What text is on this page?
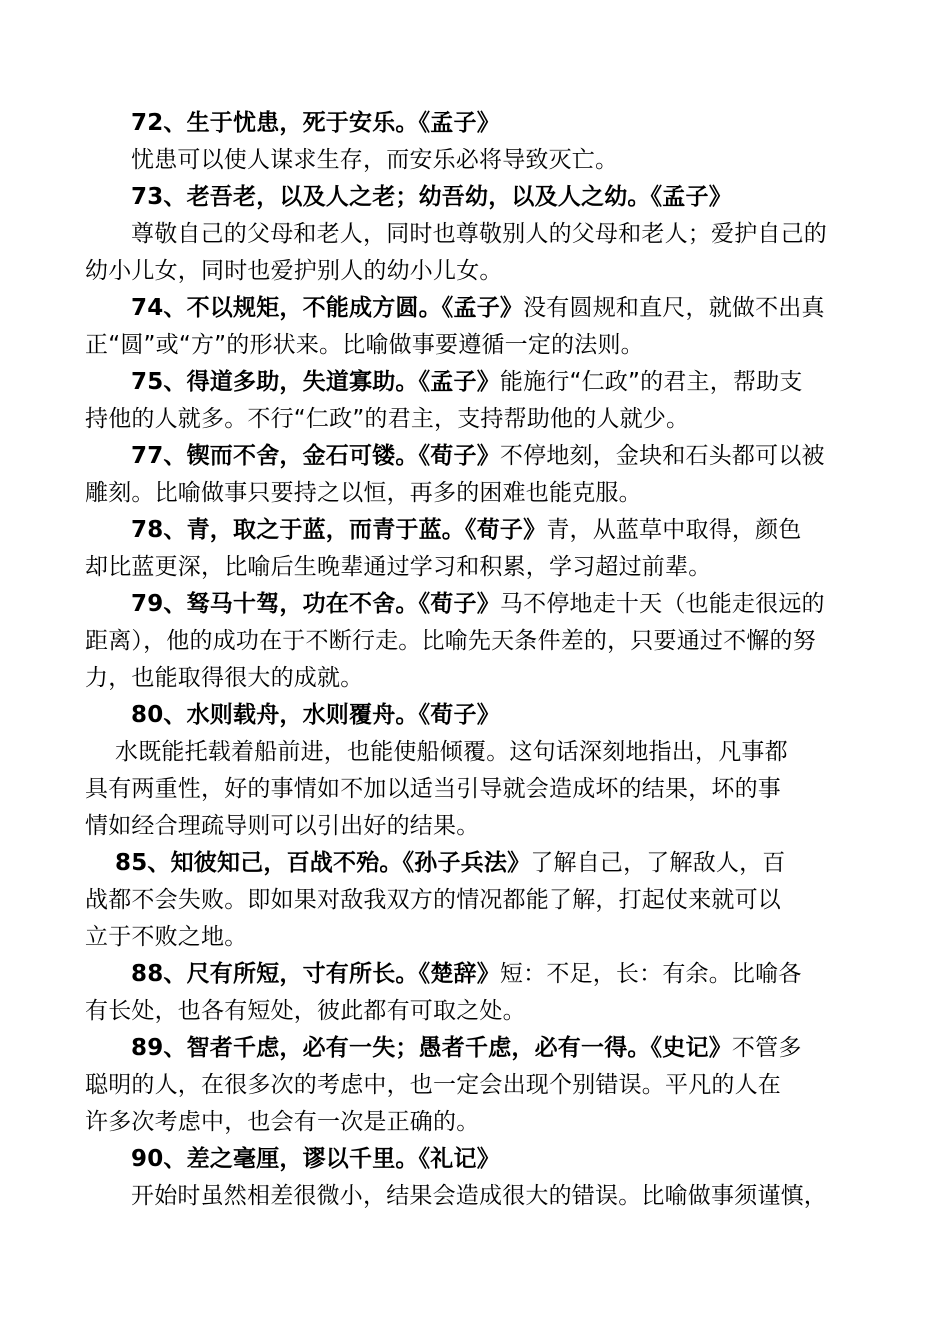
72、生于忧患，死于安乐。《孟子》
忧患可以使人谋求生存，而安乐必将导致灭亡。
73、老吾老，以及人之老；幼吾幼，以及人之幼。《孟子》
尊敬自己的父母和老人，同时也尊敬别人的父母和老人；爱护自己的
幼小儿女，同时也爱护别人的幼小儿女。
74、不以规矩，不能成方圆。《孟子》没有圆规和直尺，就做不出真
正“圆”或“方”的形状来。比喻做事要遵循一定的法则。
75、得道多助，失道寡助。《孟子》能施行“仁政”的君主，帮助支
持他的人就多。不行“仁政”的君主，支持帮助他的人就少。
77、锲而不舍，金石可镂。《荀子》不停地刻，金块和石头都可以被
雕刻。比喻做事只要持之以恒，再多的困难也能克服。
78、青，取之于蓝，而青于蓝。《荀子》青，从蓝草中取得，颜色
却比蓝更深，比喻后生晚辈通过学习和积累，学习超过前辈。
79、驽马十驾，功在不舍。《荀子》马不停地走十天（也能走很远的
距离），他的成功在于不断行走。比喻先天条件差的，只要通过不懈的努
力，也能取得很大的成就。
80、水则载舟，水则覆舟。《荀子》
水既能托载着船前进，也能使船倾覆。这句话深刻地指出，凡事都
具有两重性，好的事情如不加以适当引导就会造成坏的结果，坏的事
情如经合理疏导则可以引出好的结果。
85、知彼知己，百战不殆。《孙子兵法》了解自己，了解敌人，百
战都不会失败。即如果对敌我双方的情况都能了解，打起仗来就可以
立于不败之地。
88、尺有所短，寸有所长。《楚辞》短：不足，长：有余。比喻各
有长处，也各有短处，彼此都有可取之处。
89、智者千虑，必有一失；愚者千虑，必有一得。《史记》不管多
聪明的人，在很多次的考虑中，也一定会出现个别错误。平凡的人在
许多次考虑中，也会有一次是正确的。
90、差之毫厘，谬以千里。《礼记》
开始时虽然相差很微小，结果会造成很大的错误。比喻做事须谨慎，
